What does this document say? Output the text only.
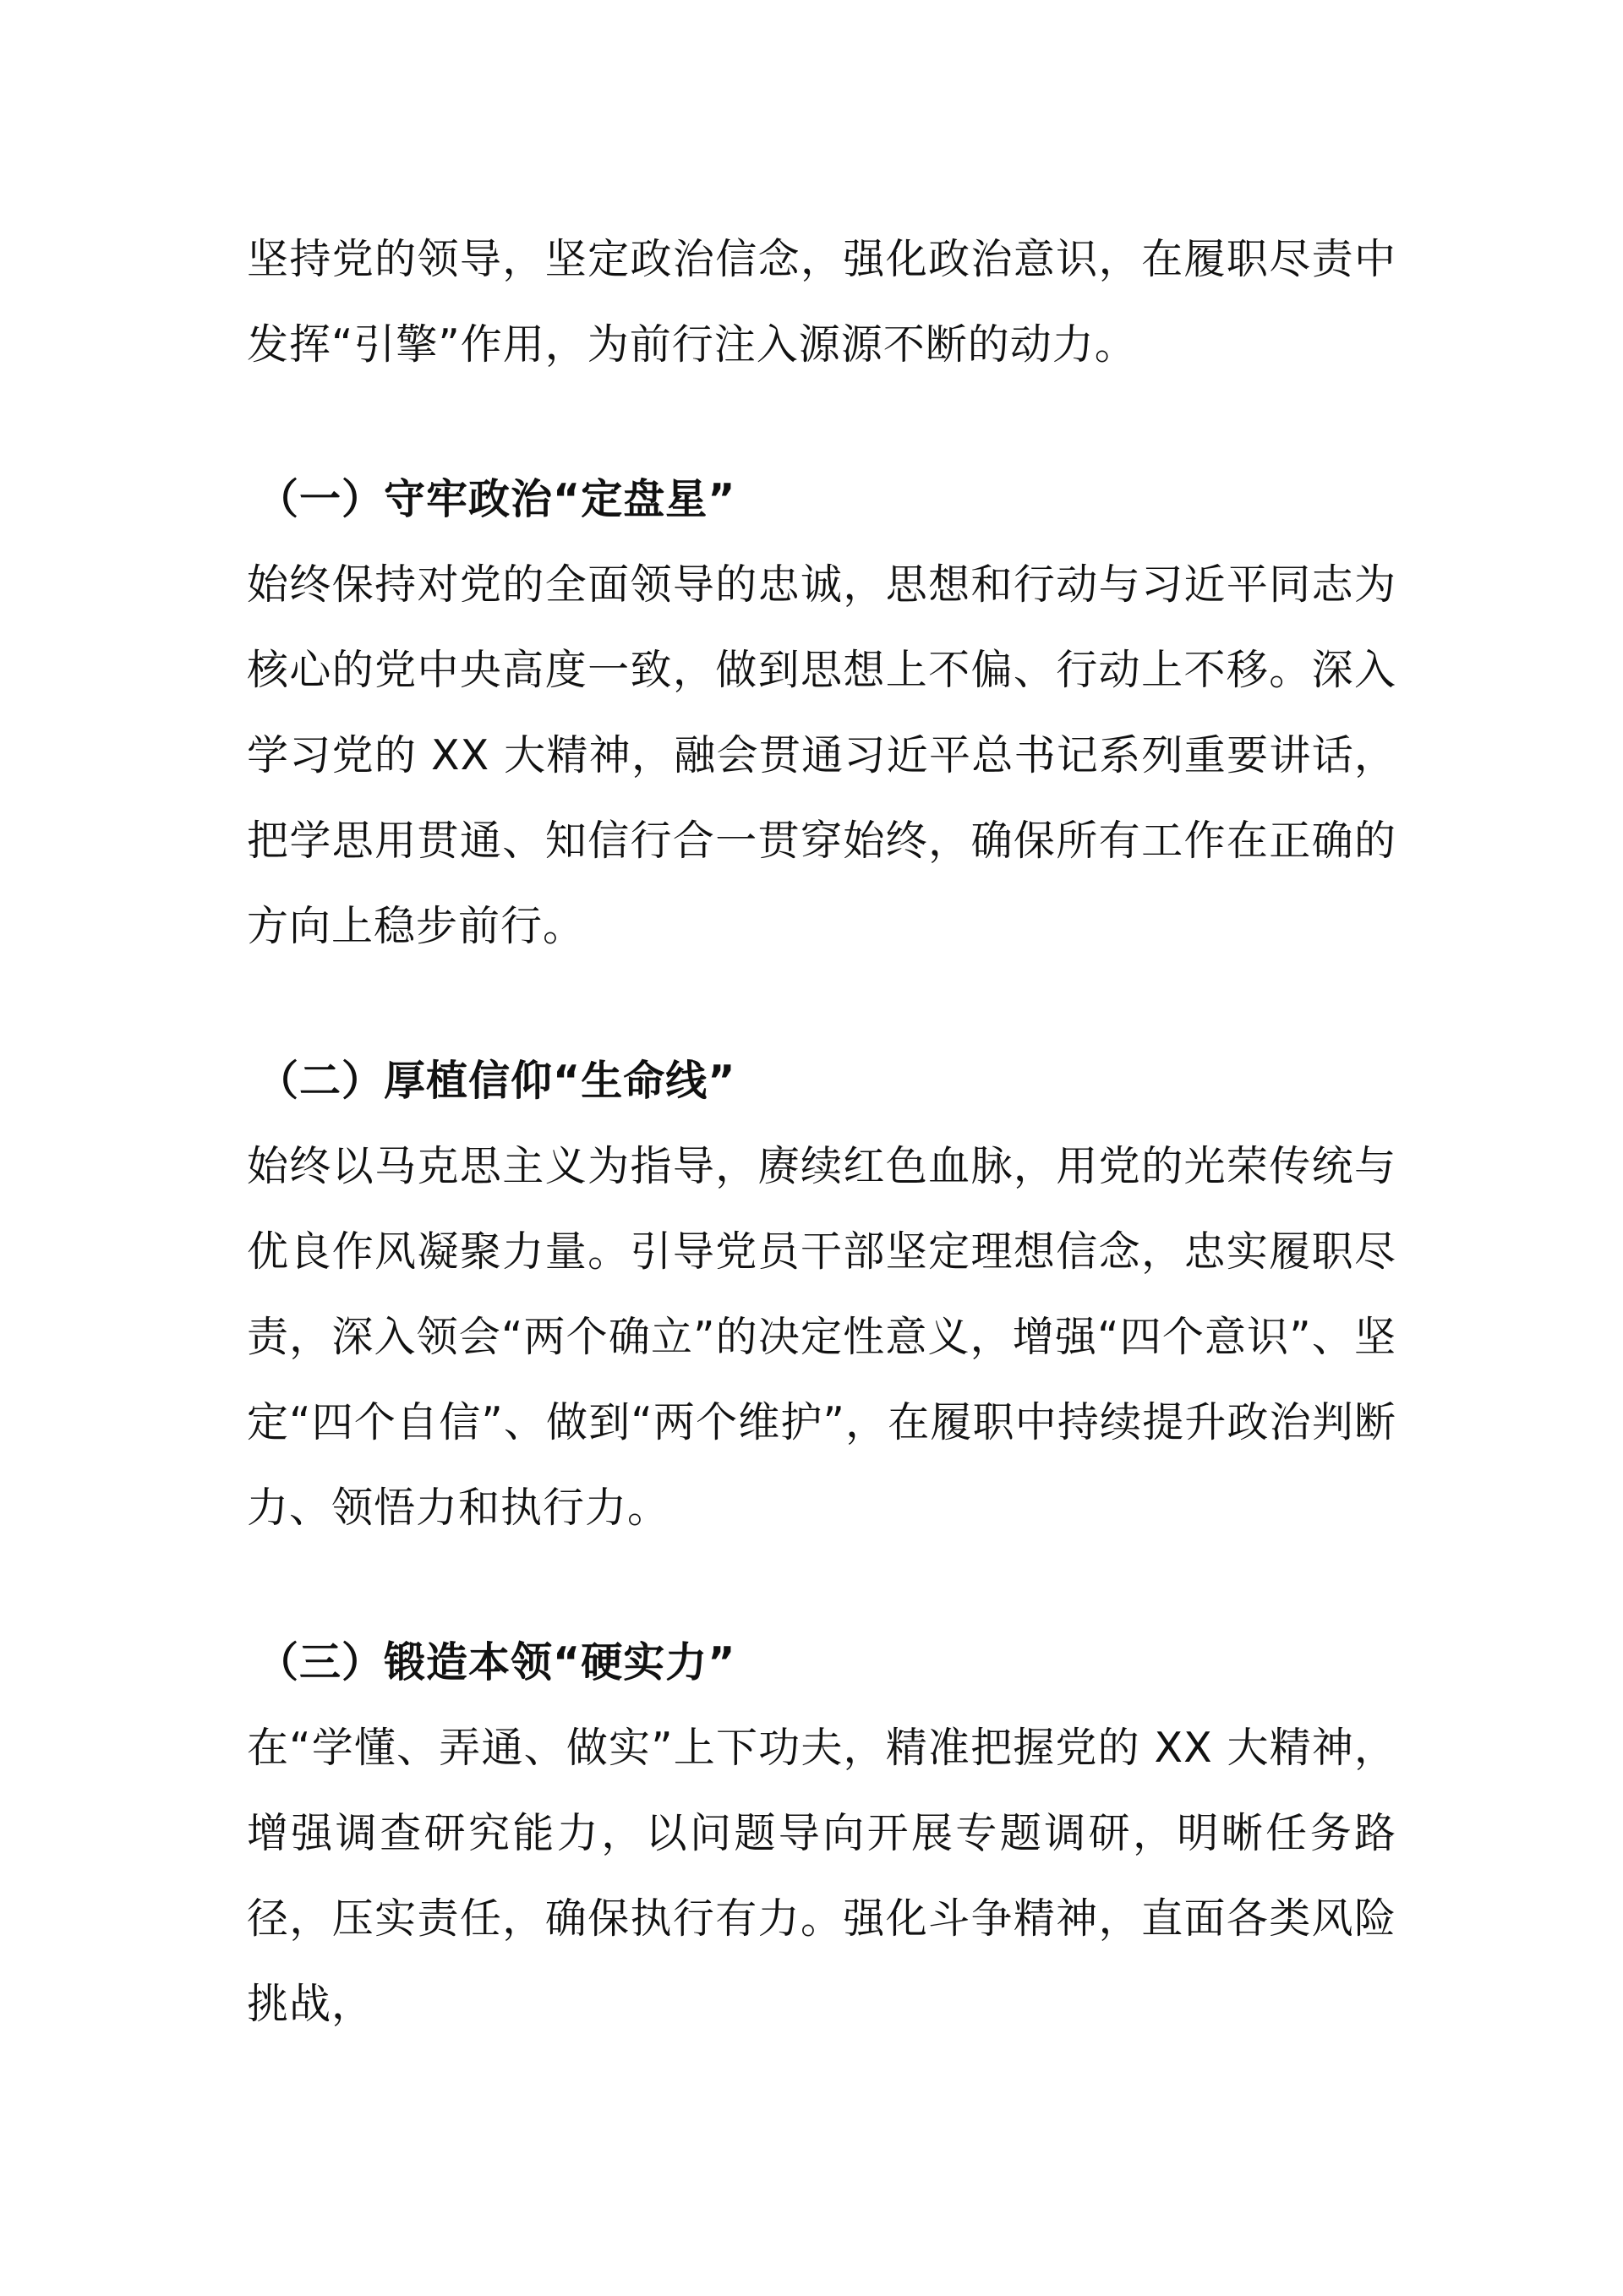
坚持党的领导，坚定政治信念，强化政治意识，在履职尽责中发挥“引擎”作用，为前行注入源源不断的动力。

（一）守牢政治“定盘星”

始终保持对党的全面领导的忠诚，思想和行动与习近平同志为核心的党中央高度一致，做到思想上不偏、行动上不移。深入学习党的 XX 大精神，融会贯通习近平总书记系列重要讲话，把学思用贯通、知信行合一贯穿始终，确保所有工作在正确的方向上稳步前行。

（二）厚植信仰“生命线”

始终以马克思主义为指导，赓续红色血脉，用党的光荣传统与优良作风凝聚力量。引导党员干部坚定理想信念，忠实履职尽责，深入领会“两个确立”的决定性意义，增强“四个意识”、坚定“四个自信”、做到“两个维护”，在履职中持续提升政治判断力、领悟力和执行力。

（三）锻造本领“硬实力”

在“学懂、弄通、做实”上下功夫，精准把握党的 XX 大精神，增强调查研究能力，以问题导向开展专题调研，明晰任务路径，压实责任，确保执行有力。强化斗争精神，直面各类风险挑战，
